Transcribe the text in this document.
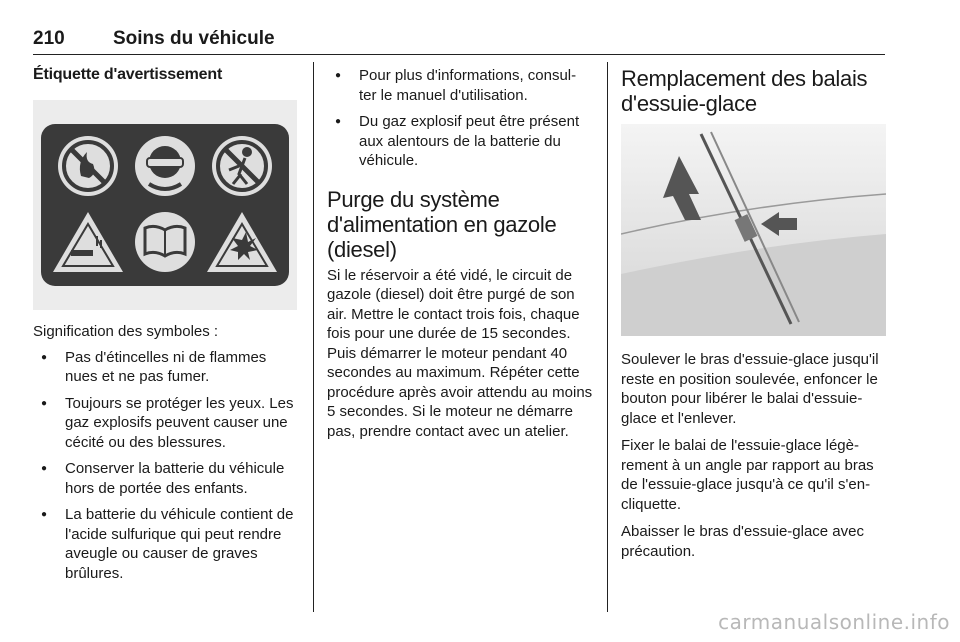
210	Soins du véhicule
Étiquette d'avertissement

Signification des symboles :

● Pas d'étincelles ni de flammes nues et ne pas fumer.
● Toujours se protéger les yeux. Les gaz explosifs peuvent causer une cécité ou des blessures.
● Conserver la batterie du véhicule hors de portée des enfants.
● La batterie du véhicule contient de l'acide sulfurique qui peut rendre aveugle ou causer de graves brûlures.
● Pour plus d'informations, consul-ter le manuel d'utilisation.
● Du gaz explosif peut être présent aux alentours de la batterie du véhicule.
Purge du système d'alimentation en gazole (diesel)

Si le réservoir a été vidé, le circuit de gazole (diesel) doit être purgé de son air. Mettre le contact trois fois, chaque fois pour une durée de 15 secondes. Puis démarrer le moteur pendant 40 secondes au maximum. Répéter cette procédure après avoir attendu au moins 5 secondes. Si le moteur ne démarre pas, prendre contact avec un atelier.

Remplacement des balais d'essuie-glace

Soulever le bras d'essuie-glace jusqu'il reste en position soulevée, enfoncer le bouton pour libérer le balai d'essuie-glace et l'enlever.

Fixer le balai de l'essuie-glace légè-rement à un angle par rapport au bras de l'essuie-glace jusqu'à ce qu'il s'en-cliquette.

Abaisser le bras d'essuie-glace avec précaution.

carmanualsonline.info
